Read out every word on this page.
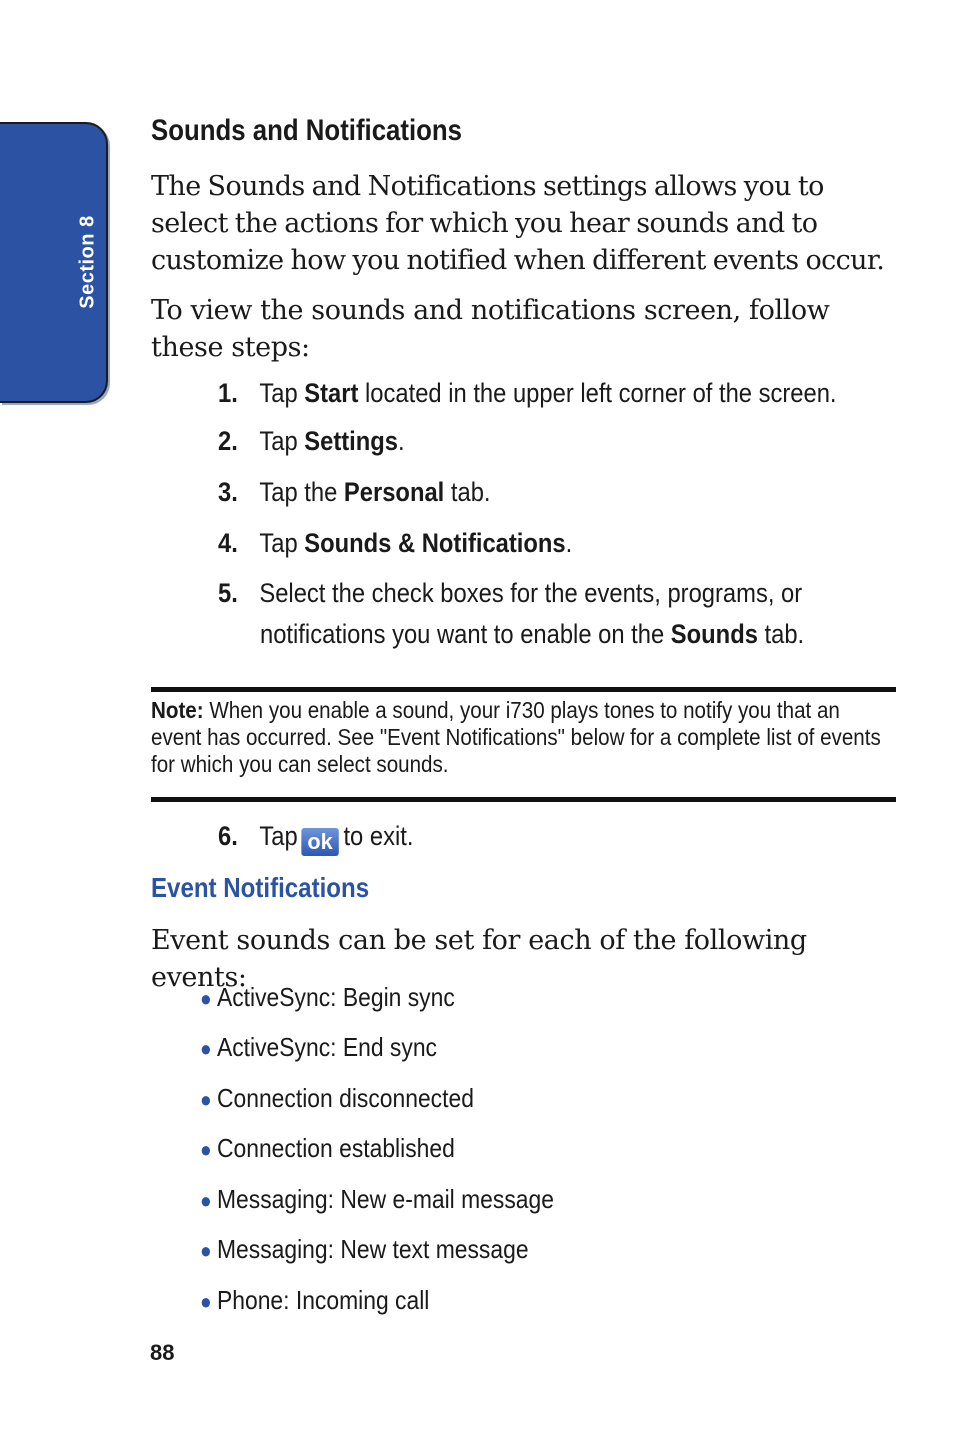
Section 8
Sounds and Notifications

The Sounds and Notifications settings allows you to select the actions for which you hear sounds and to customize how you notified when different events occur.

To view the sounds and notifications screen, follow these steps:

1. Tap Start located in the upper left corner of the screen.
2. Tap Settings.
3. Tap the Personal tab.
4. Tap Sounds & Notifications.
5. Select the check boxes for the events, programs, or
notifications you want to enable on the Sounds tab.
Note: When you enable a sound, your i730 plays tones to notify you that an event has occurred. See "Event Notifications" below for a complete list of events for which you can select sounds.
6. Tap ok to exit.
Event Notifications

Event sounds can be set for each of the following events:

● ActiveSync: Begin sync
● ActiveSync: End sync
● Connection disconnected
● Connection established
● Messaging: New e-mail message
● Messaging: New text message
● Phone: Incoming call
88
